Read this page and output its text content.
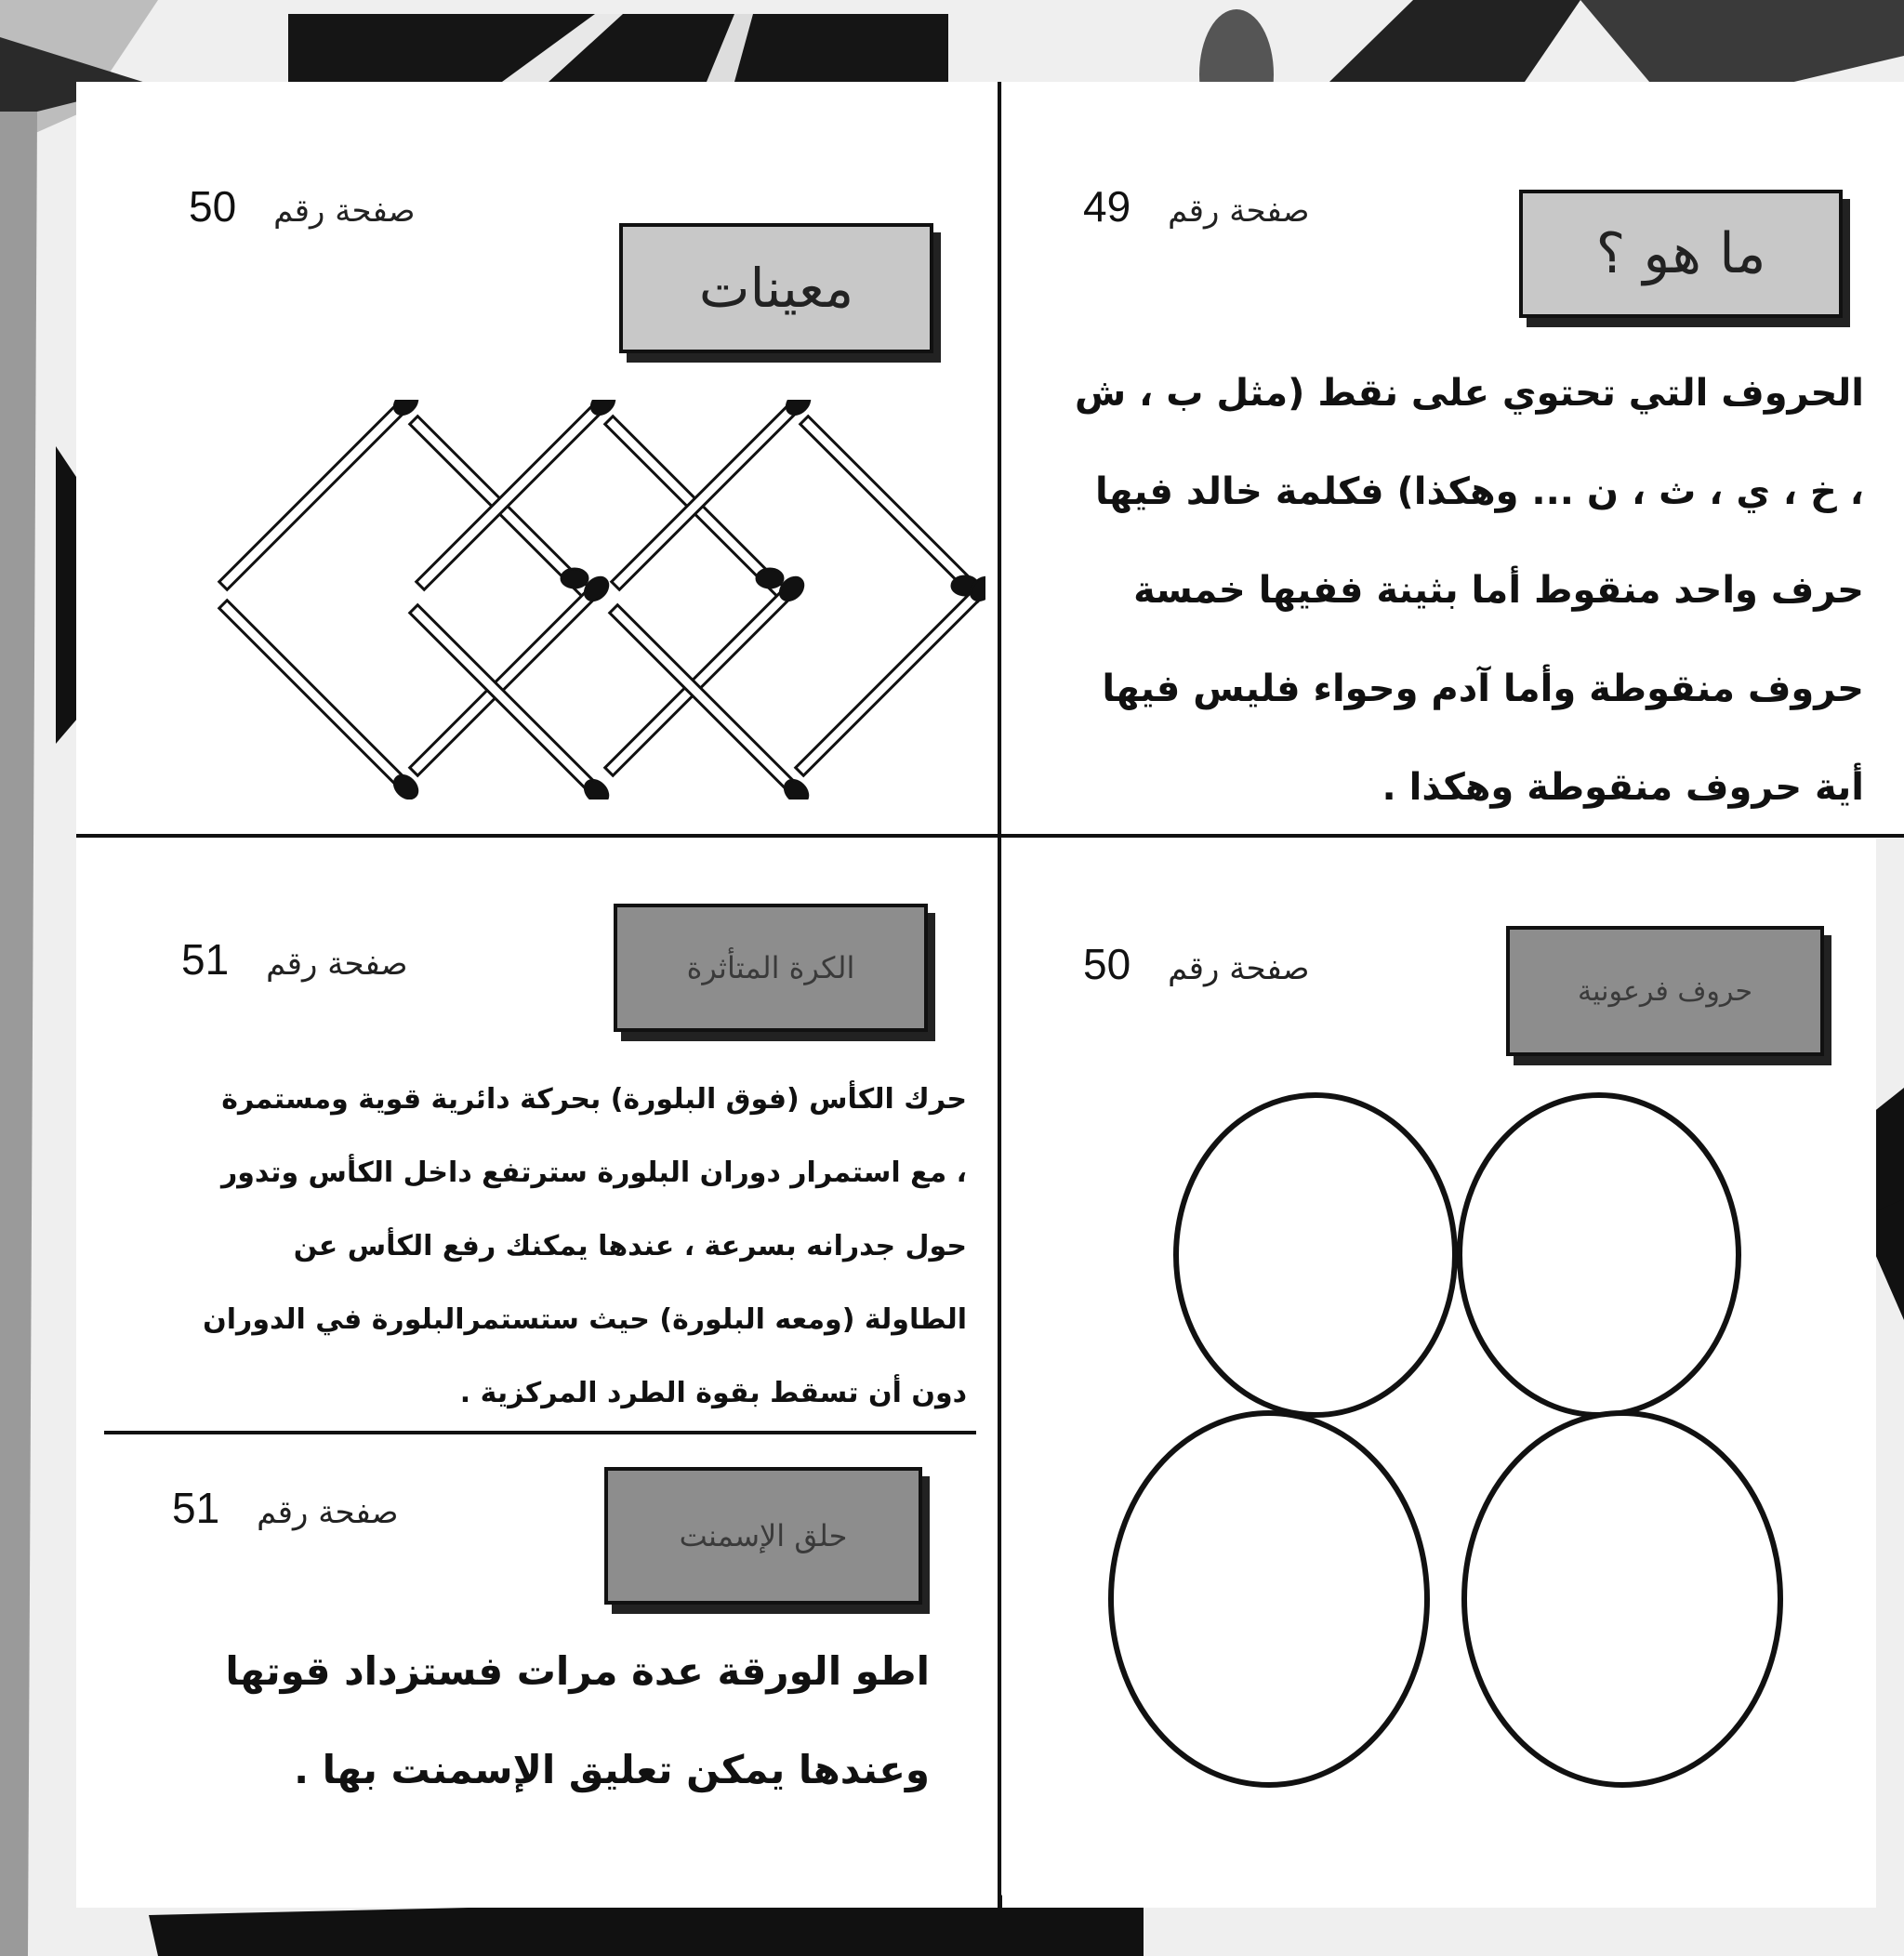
ما هو ؟
صفحة رقم
49
الحروف التي تحتوي على نقط (مثل ب ، ش
، خ ، ي ، ث ، ن ... وهكذا) فكلمة خالد فيها
حرف واحد منقوط أما بثينة ففيها خمسة
حروف منقوطة وأما آدم وحواء فليس فيها
أية حروف منقوطة وهكذا .
معينات
صفحة رقم
50
حروف فرعونية
صفحة رقم
50
الكرة المتأثرة
صفحة رقم
51
حرك الكأس (فوق البلورة) بحركة دائرية قوية ومستمرة
، مع استمرار دوران البلورة سترتفع داخل الكأس وتدور
حول جدرانه بسرعة ، عندها يمكنك رفع الكأس عن
الطاولة (ومعه البلورة) حيث ستستمرالبلورة في الدوران
دون أن تسقط بقوة الطرد المركزية .
حلق الإسمنت
صفحة رقم
51
اطو الورقة عدة مرات فستزداد قوتها
وعندها يمكن تعليق الإسمنت بها .
